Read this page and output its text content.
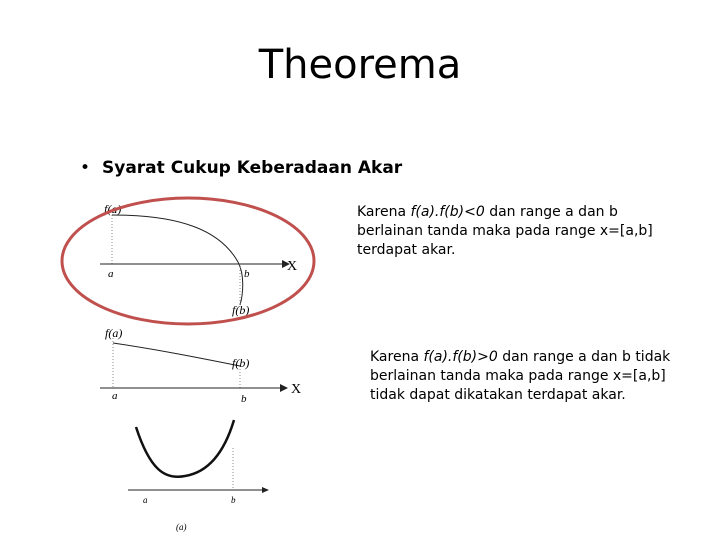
Theorema
• Syarat Cukup Keberadaan Akar
Karena f(a).f(b)<0 dan range a dan b berlainan tanda maka pada range x=[a,b] terdapat akar.
Karena f(a).f(b)>0 dan range a dan b tidak berlainan tanda maka pada range x=[a,b] tidak dapat dikatakan terdapat akar.
f(a)
a	b	X
f(b)
f(a)
f(b)
a	b
X
a	b
(a)
